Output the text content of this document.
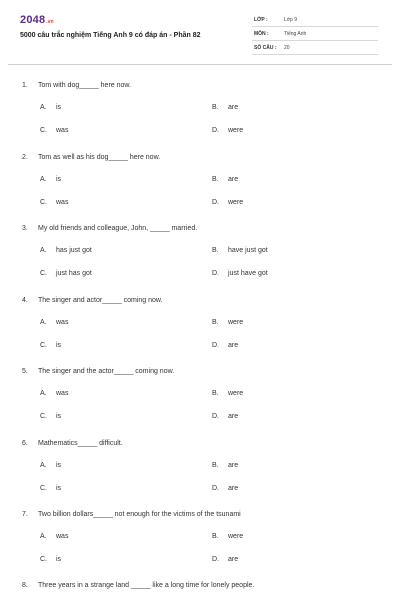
2048.vn
5000 câu trắc nghiệm Tiếng Anh 9 có đáp án - Phần 82
LỚP :	Lớp 9
MÔN :	Tiếng Anh
SỐ CÂU : 20
1. Tom with dog_____ here now.
A. is	B. are
C. was	D. were
2. Tom as well as his dog_____ here now.
A. is	B. are
C. was	D. were
3. My old friends and colleague, John, _____ married.
A. has just got	B. have just got
C. just has got	D. just have got
4. The singer and actor_____ coming now.
A. was	B. were
C. is	D. are
5. The singer and the actor_____ coming now.
A. was	B. were
C. is	D. are
6. Mathematics_____ difficult.
A. is	B. are
C. is	D. are
7. Two billion dollars_____ not enough for the victims of the tsunami
A. was	B. were
C. is	D. are
8. Three years in a strange land _____ like a long time for lonely people.
